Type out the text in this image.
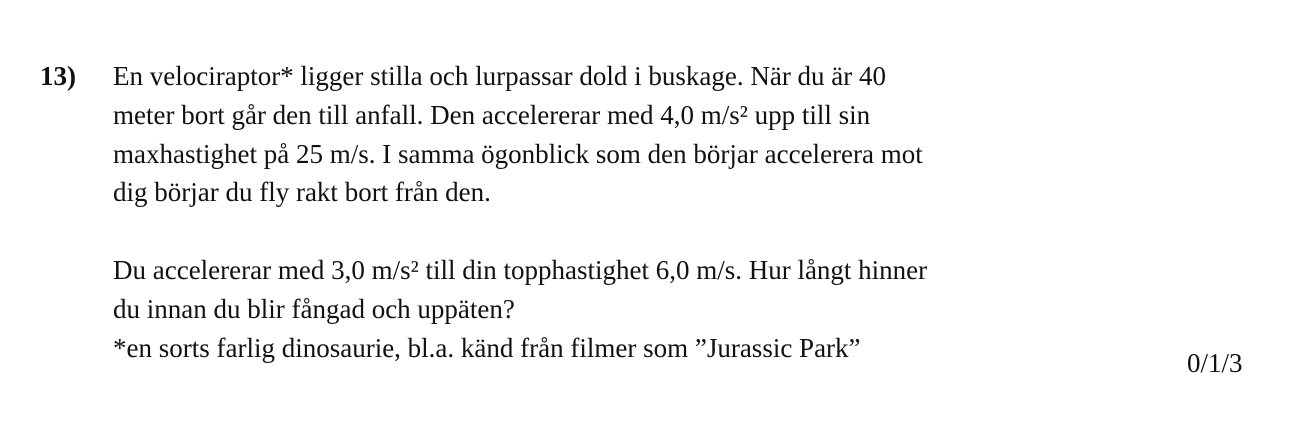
13) En velociraptor* ligger stilla och lurpassar dold i buskage. När du är 40
meter bort går den till anfall. Den accelererar med 4,0 m/s² upp till sin
maxhastighet på 25 m/s. I samma ögonblick som den börjar accelerera mot
dig börjar du fly rakt bort från den.
Du accelererar med 3,0 m/s² till din topphastighet 6,0 m/s. Hur långt hinner
du innan du blir fångad och uppäten?
*en sorts farlig dinosaurie, bl.a. känd från filmer som ”Jurassic Park”
0/1/3
